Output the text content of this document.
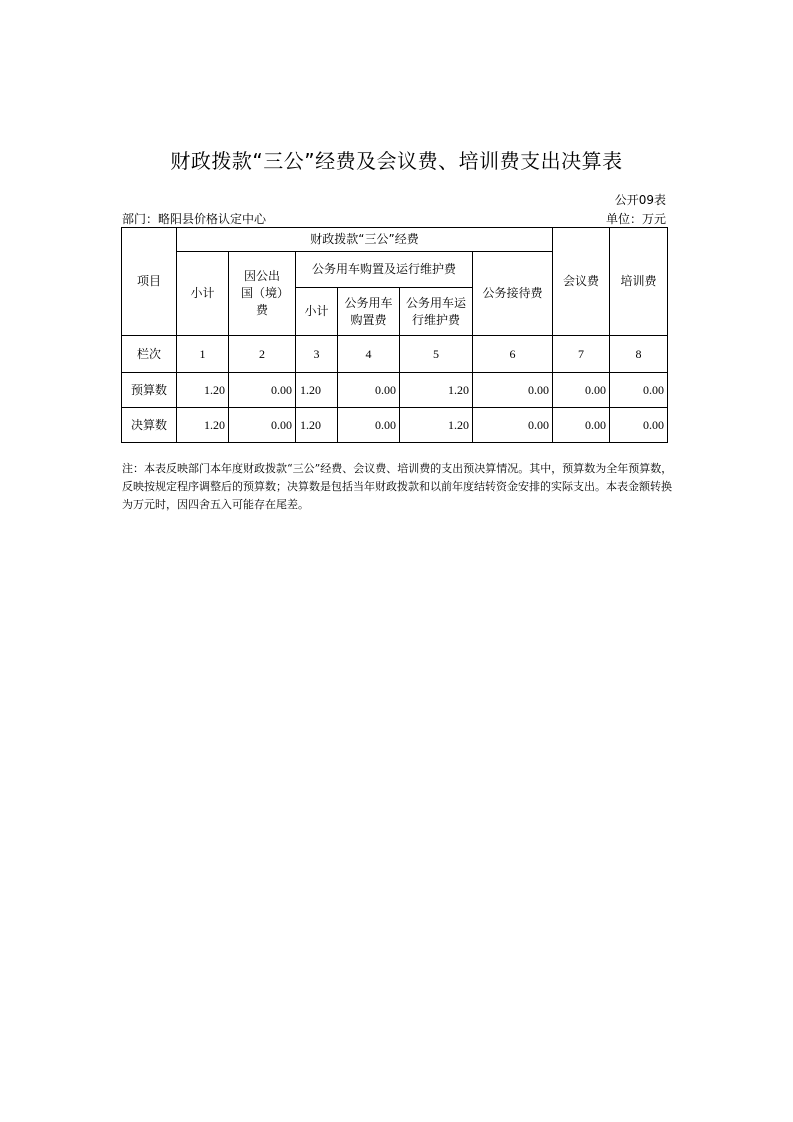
财政拨款“三公”经费及会议费、培训费支出决算表
公开09表
部门：略阳县价格认定中心	单位：万元
项目	财政拨款“三公”经费						会议费	培训费
	小计	因公出国（境）费	公务用车购置及运行维护费			公务接待费		
			小计	公务用车购置费	公务用车运行维护费			

栏次	1	2	3	4	5	6	7	8
预算数	1.20	0.00	1.20	0.00	1.20	0.00	0.00	0.00
决算数	1.20	0.00	1.20	0.00	1.20	0.00	0.00	0.00
注：本表反映部门本年度财政拨款“三公”经费、会议费、培训费的支出预决算情况。其中，预算数为全年预算数，反映按规定程序调整后的预算数；决算数是包括当年财政拨款和以前年度结转资金安排的实际支出。本表金额转换为万元时，因四舍五入可能存在尾差。
